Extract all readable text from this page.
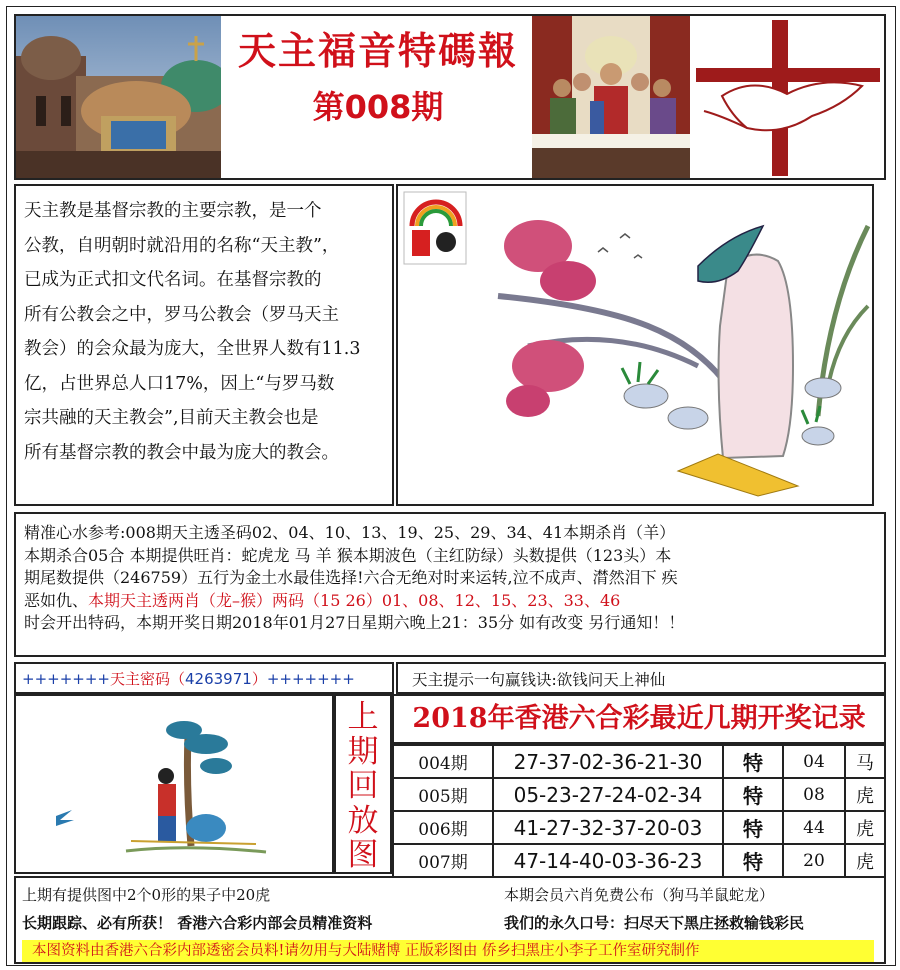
天主福音特碼報
第008期

天主教是基督宗教的主要宗教，是一个

公教，自明朝时就沿用的名称“天主教”，

已成为正式扣文代名词。在基督宗教的

所有公教会之中，罗马公教会（罗马天主

教会）的会众最为庞大，全世界人数有11.3

亿，占世界总人口17%，因上“与罗马数

宗共融的天主教会”,目前天主教会也是

所有基督宗教的教会中最为庞大的教会。

精准心水参考:008期天主透圣码02、04、10、13、19、25、29、34、41本期杀肖（羊）
本期杀合05合 本期提供旺肖：蛇虎龙 马 羊 猴本期波色（主红防绿）头数提供（123头）本
期尾数提供（246759）五行为金土水最佳选择!六合无绝对时来运转,泣不成声、潸然泪下 疾
恶如仇、本期天主透两肖（龙–猴）两码（15 26）01、08、12、15、23、33、46
时会开出特码，本期开奖日期2018年01月27日星期六晚上21：35分 如有改变 另行通知！！
+++++++天主密码（4263971）+++++++	天主提示一句赢钱诀:欲钱问天上神仙
上
期
回
放
图
2018年香港六合彩最近几期开奖记录
004期	27-37-02-36-21-30	特	04	马
005期	05-23-27-24-02-34	特	08	虎
006期	41-27-32-37-20-03	特	44	虎
007期	47-14-40-03-36-23	特	20	虎
上期有提供图中2个0形的果子中20虎	本期会员六肖免费公布（狗马羊鼠蛇龙）
长期跟踪、必有所获！ 香港六合彩内部会员精准资料	我们的永久口号：扫尽天下黑庄拯救输钱彩民
本图资料由香港六合彩内部透密会员料!请勿用与大陆赌博 正版彩图由 侨乡扫黑庄小李子工作室研究制作
